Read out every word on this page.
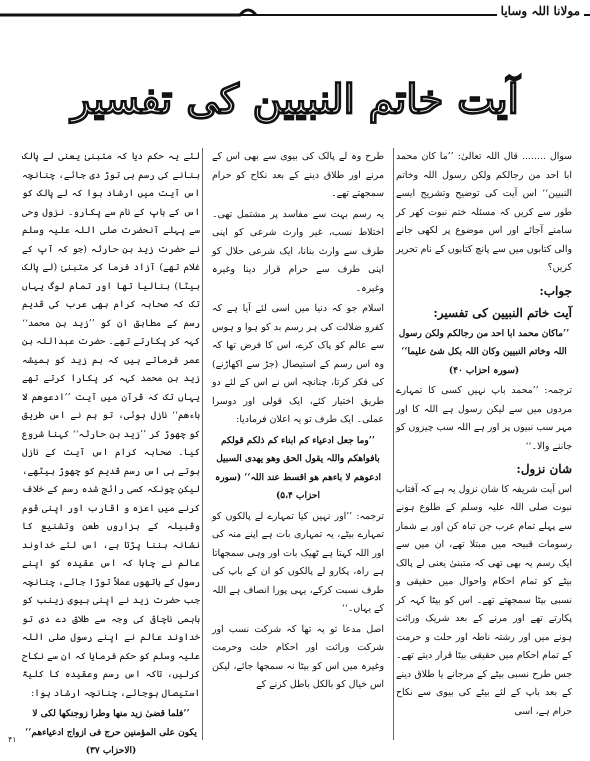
مولانا اللہ وسایا
آیت خاتم النبیین کی تفسیر

سوال ........ قال اللہ تعالیٰ: ’’ما کان محمد ابا احد من رجالکم ولکن رسول اللہ وخاتم النبیین‘‘ اس آیت کی توضیح وتشریح ایسے طور سے کریں کہ مسئلہ ختم نبوت کھر کر سامنے آجائے اور اس موضوع پر لکھی جانے والی کتابوں میں سے پانچ کتابوں کے نام تحریر کریں؟

جواب:
آیت خاتم النبیین کی تفسیر:

’’ماکان محمد ابا احد من رجالکم ولکن رسول اللہ وخاتم النبیین وکان اللہ بکل شئ علیما‘‘ (سورہ احزاب ۴۰)

ترجمہ: ’’محمد باپ نہیں کسی کا تمہارے مردوں میں سے لیکن رسول ہے اللہ کا اور مہر سب نبیوں پر اور ہے اللہ سب چیزوں کو جاننے والا۔‘‘

شان نزول:

اس آیت شریفہ کا شان نزول یہ ہے کہ آفتاب نبوت صلی اللہ علیہ وسلم کے طلوع ہونے سے پہلے تمام عرب جن تباہ کن اور بے شمار رسومات قبیحہ میں مبتلا تھے، ان میں سے ایک رسم یہ بھی تھی کہ متبنیٰ یعنی لے پالک بیٹے کو تمام احکام واحوال میں حقیقی و نسبی بیٹا سمجھتے تھے۔ اس کو بیٹا کہہ کر پکارتے تھے اور مرنے کے بعد شریک وراثت ہونے میں اور رشتہ ناطہ اور حلت و حرمت کے تمام احکام میں حقیقی بیٹا قرار دیتے تھے۔ جس طرح نسبی بیٹے کے مرجانے یا طلاق دینے کے بعد باپ کے لئے بیٹے کی بیوی سے نکاح حرام ہے، اسی

طرح وہ لے پالک کی بیوی سے بھی اس کے مرنے اور طلاق دینے کے بعد نکاح کو حرام سمجھتے تھے۔

یہ رسم بہت سے مفاسد پر مشتمل تھی۔ اختلاط نسب، غیر وارث شرعی کو اپنی طرف سے وارث بنانا، ایک شرعی حلال کو اپنی طرف سے حرام قرار دینا وغیرہ وغیرہ۔

اسلام جو کہ دنیا میں اسی لئے آیا ہے کہ کفرو ضلالت کی ہر رسم بد کو ہوا و ہوس سے عالم کو پاک کرے، اس کا فرض تھا کہ وہ اس رسم کے استیصال (جڑ سے اکھاڑنے) کی فکر کرتا، چنانچہ اس نے اس کے لئے دو طریق اختیار کئے، ایک قولی اور دوسرا عملی۔ ایک طرف تو یہ اعلان فرمادیا:

’’وما جعل ادعیاء کم ابناء کم ذلکم قولکم بافواھکم واللہ یقول الحق وھو یھدی السبیل ادعوھم لا باءھم ھو اقسط عند اللہ‘‘ (سورہ احزاب ۵،۴)

ترجمہ: ’’اور نہیں کیا تمہارے لے پالکوں کو تمہارے بیٹے، یہ تمہاری بات ہے اپنے منہ کی اور اللہ کہتا ہے ٹھیک بات اور وہی سمجھاتا ہے راہ، پکارو لے پالکوں کو ان کے باپ کی طرف نسبت کرکے، یہی پورا انصاف ہے اللہ کے یہاں۔‘‘

اصل مدعا تو یہ تھا کہ شرکت نسب اور شرکت وراثت اور احکام حلت وحرمت وغیرہ میں اس کو بیٹا نہ سمجھا جائے، لیکن اس خیال کو بالکل باطل کرنے کے

لئے یہ حکم دیا کہ متبنیٰ یعنی لے پالک بنانے کی رسم ہی توڑ دی جائے، چنانچہ اس آیت میں ارشاد ہوا کہ لے پالک کو اس کے باپ کے نام سے پکارو۔ نزول وحی سے پہلے آنحضرت صلی اللہ علیہ وسلم نے حضرت زید بن حارثہ (جو کہ آپ کے غلام تھے) آزاد فرما کر متبنیٰ (لے پالک بیٹا) بنالیا تھا اور تمام لوگ یہاں تک کہ صحابہ کرام بھی عرب کی قدیم رسم کے مطابق ان کو ’’زید بن محمد‘‘ کہہ کر پکارتے تھے۔ حضرت عبداللہ بن عمر فرماتے ہیں کہ ہم زید کو ہمیشہ زید بن محمد کہہ کر پکارا کرتے تھے یہاں تک کہ قرآن میں آیت ’’ادعوھم لا باءھم‘‘ نازل ہوئی، تو ہم نے اس طریق کو چھوڑ کر ’’زید بن حارثہ‘‘ کہنا شروع کیا۔ صحابہ کرام اس آیت کے نازل ہوتے ہی اس رسم قدیم کو چھوڑ بیٹھے، لیکن چونکہ کسی رائج شدہ رسم کے خلاف کرنے میں اعزہ و اقارب اور اپنی قوم وقبیلہ کے ہزاروں طعن وتشنیع کا نشانہ بننا پڑتا ہے، اس لئے خداوند عالم نے چاہا کہ اس عقیدہ کو اپنے رسول کے ہاتھوں عملاً توڑا جائے، چنانچہ جب حضرت زید نے اپنی بیوی زینب کو باہمی ناچاقی کی وجہ سے طلاق دے دی تو خداوند عالم نے اپنے رسول صلی اللہ علیہ وسلم کو حکم فرمایا کہ ان سے نکاح کرلیں، تاکہ اس رسم وعقیدہ کا کلیۃً استیصال ہوجائے، چنانچہ ارشاد ہوا:

’’فلما قضیٰ زید منھا وطرا زوجنکھا لکی لا یکون علی المؤمنین حرج فی ازواج ادعیاءھم‘‘ (الاحزاب ۳۷)

۴۱
